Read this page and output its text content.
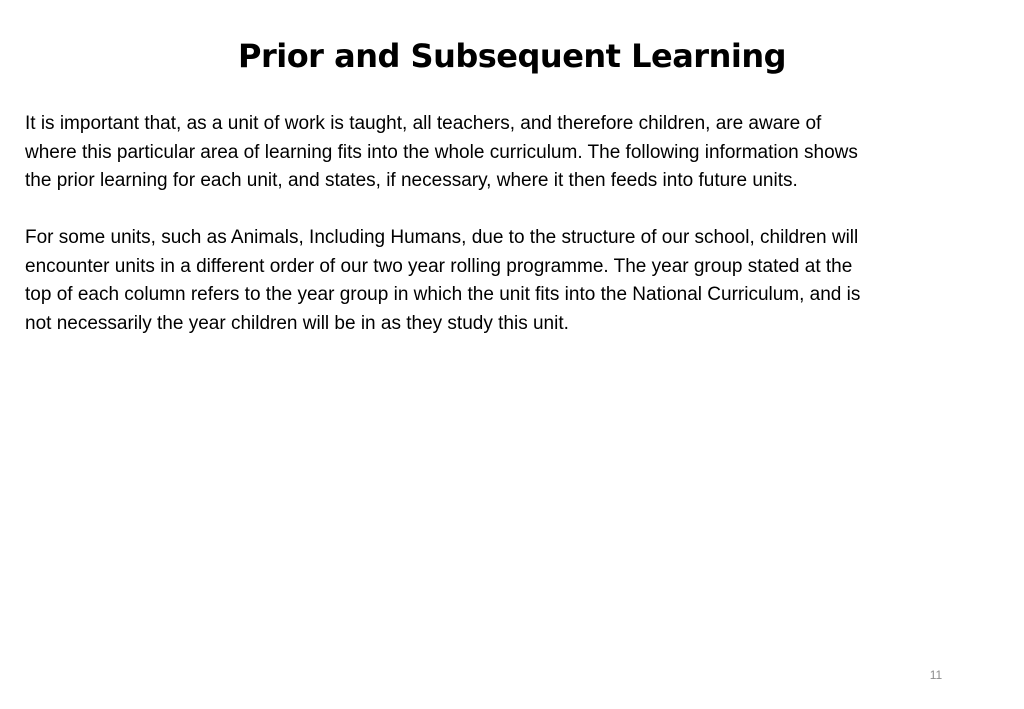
Prior and Subsequent Learning

It is important that, as a unit of work is taught, all teachers, and therefore children, are aware of
where this particular area of learning fits into the whole curriculum. The following information shows
the prior learning for each unit, and states, if necessary, where it then feeds into future units.

For some units, such as Animals, Including Humans, due to the structure of our school, children will
encounter units in a different order of our two year rolling programme. The year group stated at the
top of each column refers to the year group in which the unit fits into the National Curriculum, and is
not necessarily the year children will be in as they study this unit.

11
